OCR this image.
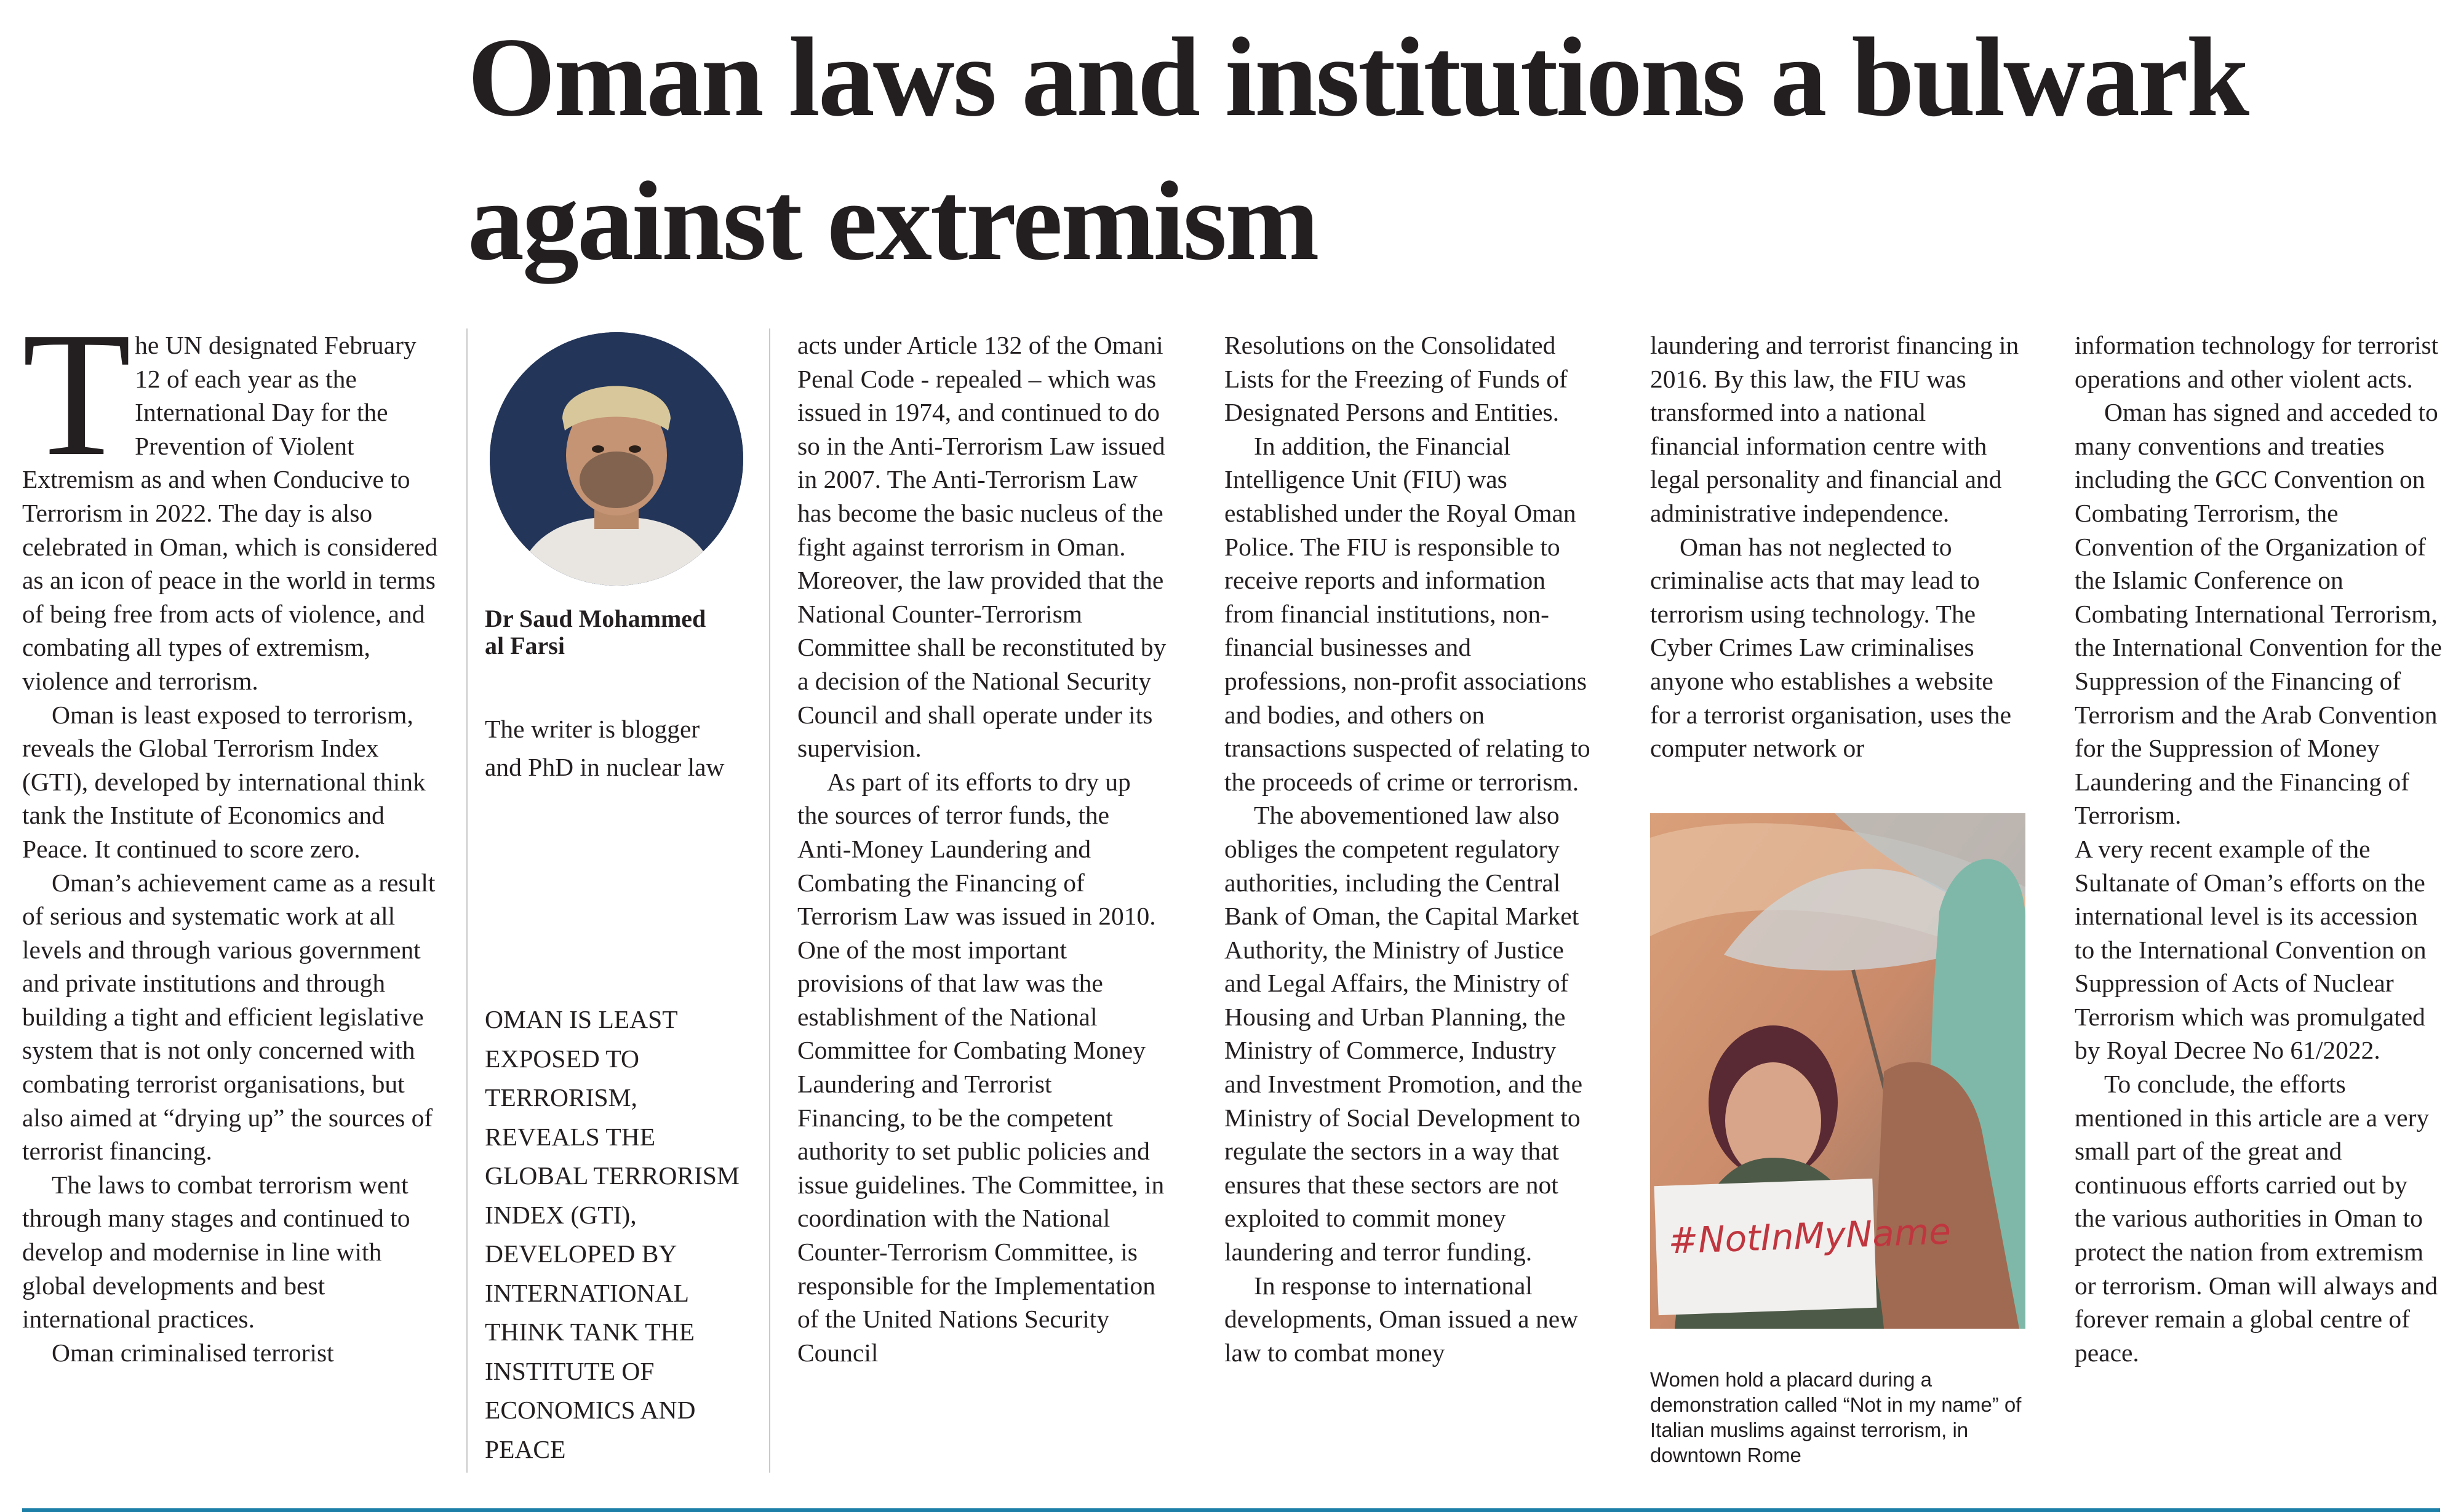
Oman laws and institutions a bulwark
against extremism
T he UN designated February 12 of each year as the International Day for the Prevention of Violent Extremism as and when Conducive to Terrorism in 2022. The day is also celebrated in Oman, which is considered as an icon of peace in the world in terms of being free from acts of violence, and combating all types of extremism, violence and terrorism.

Oman is least exposed to terrorism, reveals the Global Terrorism Index (GTI), developed by international think tank the Institute of Economics and Peace. It continued to score zero.

Oman’s achievement came as a result of serious and systematic work at all levels and through various government and private institutions and through building a tight and efficient legislative system that is not only concerned with combating terrorist organisations, but also aimed at “drying up” the sources of terrorist financing.

The laws to combat terrorism went through many stages and continued to develop and modernise in line with global developments and best international practices.

Oman criminalised terrorist

Dr Saud Mohammed
al Farsi
The writer is blogger
and PhD in nuclear law
OMAN IS LEAST
EXPOSED TO
TERRORISM,
REVEALS THE
GLOBAL TERRORISM
INDEX (GTI),
DEVELOPED BY
INTERNATIONAL
THINK TANK THE
INSTITUTE OF
ECONOMICS AND
PEACE

acts under Article 132 of the Omani Penal Code - repealed – which was issued in 1974, and continued to do so in the Anti-Terrorism Law issued in 2007. The Anti-Terrorism Law has become the basic nucleus of the fight against terrorism in Oman. Moreover, the law provided that the National Counter-Terrorism Committee shall be reconstituted by a decision of the National Security Council and shall operate under its supervision.

As part of its efforts to dry up the sources of terror funds, the Anti-Money Laundering and Combating the Financing of Terrorism Law was issued in 2010. One of the most important provisions of that law was the establishment of the National Committee for Combating Money Laundering and Terrorist Financing, to be the competent authority to set public policies and issue guidelines. The Committee, in coordination with the National Counter-Terrorism Committee, is responsible for the Implementation of the United Nations Security Council

Resolutions on the Consolidated Lists for the Freezing of Funds of Designated Persons and Entities.

In addition, the Financial Intelligence Unit (FIU) was established under the Royal Oman Police. The FIU is responsible to receive reports and information from financial institutions, non-financial businesses and professions, non-profit associations and bodies, and others on transactions suspected of relating to the proceeds of crime or terrorism.

The abovementioned law also obliges the competent regulatory authorities, including the Central Bank of Oman, the Capital Market Authority, the Ministry of Justice and Legal Affairs, the Ministry of Housing and Urban Planning, the Ministry of Commerce, Industry and Investment Promotion, and the Ministry of Social Development to regulate the sectors in a way that ensures that these sectors are not exploited to commit money laundering and terror funding.

In response to international developments, Oman issued a new law to combat money

laundering and terrorist financing in 2016. By this law, the FIU was transformed into a national financial information centre with legal personality and financial and administrative independence.

Oman has not neglected to criminalise acts that may lead to terrorism using technology. The Cyber Crimes Law criminalises anyone who establishes a website for a terrorist organisation, uses the computer network or

#NotInMyName
Women hold a placard during a demonstration called “Not in my name” of Italian muslims against terrorism, in downtown Rome

information technology for terrorist operations and other violent acts.

Oman has signed and acceded to many conventions and treaties including the GCC Convention on Combating Terrorism, the Convention of the Organization of the Islamic Conference on Combating International Terrorism, the International Convention for the Suppression of the Financing of Terrorism and the Arab Convention for the Suppression of Money Laundering and the Financing of Terrorism.

A very recent example of the Sultanate of Oman’s efforts on the international level is its accession to the International Convention on Suppression of Acts of Nuclear Terrorism which was promulgated by Royal Decree No 61/2022.

To conclude, the efforts mentioned in this article are a very small part of the great and continuous efforts carried out by the various authorities in Oman to protect the nation from extremism or terrorism. Oman will always and forever remain a global centre of peace.
